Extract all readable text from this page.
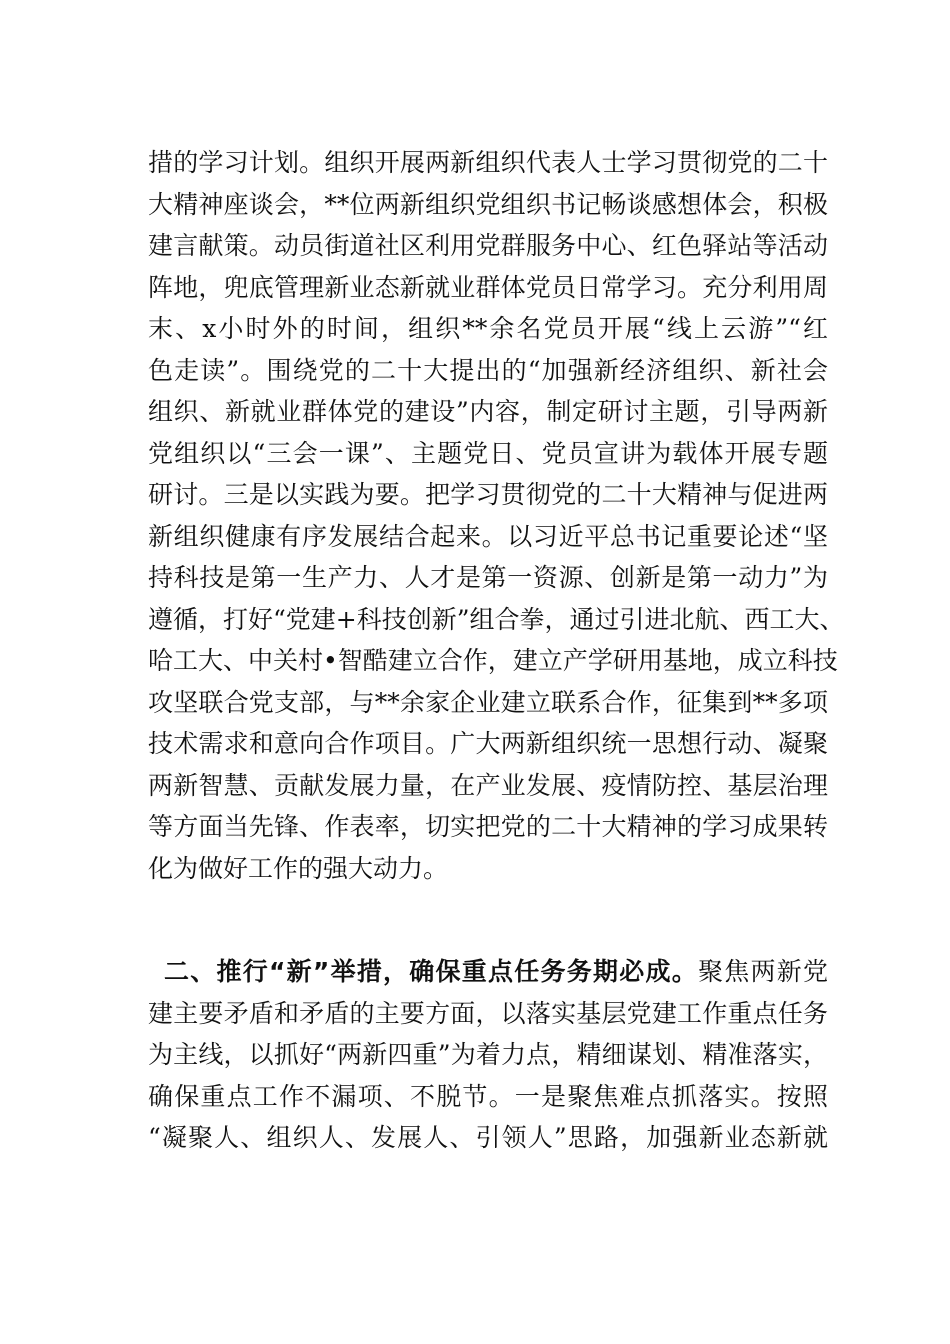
措的学习计划。组织开展两新组织代表人士学习贯彻党的二十
大精神座谈会，**位两新组织党组织书记畅谈感想体会，积极
建言献策。动员街道社区利用党群服务中心、红色驿站等活动
阵地，兜底管理新业态新就业群体党员日常学习。充分利用周
末、x小时外的时间，组织**余名党员开展“线上云游”“红
色走读”。围绕党的二十大提出的“加强新经济组织、新社会
组织、新就业群体党的建设”内容，制定研讨主题，引导两新
党组织以“三会一课”、主题党日、党员宣讲为载体开展专题
研讨。三是以实践为要。把学习贯彻党的二十大精神与促进两
新组织健康有序发展结合起来。以习近平总书记重要论述“坚
持科技是第一生产力、人才是第一资源、创新是第一动力”为
遵循，打好“党建+科技创新”组合拳，通过引进北航、西工大、
哈工大、中关村•智酷建立合作，建立产学研用基地，成立科技
攻坚联合党支部，与**余家企业建立联系合作，征集到**多项
技术需求和意向合作项目。广大两新组织统一思想行动、凝聚
两新智慧、贡献发展力量，在产业发展、疫情防控、基层治理
等方面当先锋、作表率，切实把党的二十大精神的学习成果转
化为做好工作的强大动力。
二、推行“新”举措，确保重点任务务期必成。聚焦两新党
建主要矛盾和矛盾的主要方面，以落实基层党建工作重点任务
为主线，以抓好“两新四重”为着力点，精细谋划、精准落实，
确保重点工作不漏项、不脱节。一是聚焦难点抓落实。按照
“凝聚人、组织人、发展人、引领人”思路，加强新业态新就
